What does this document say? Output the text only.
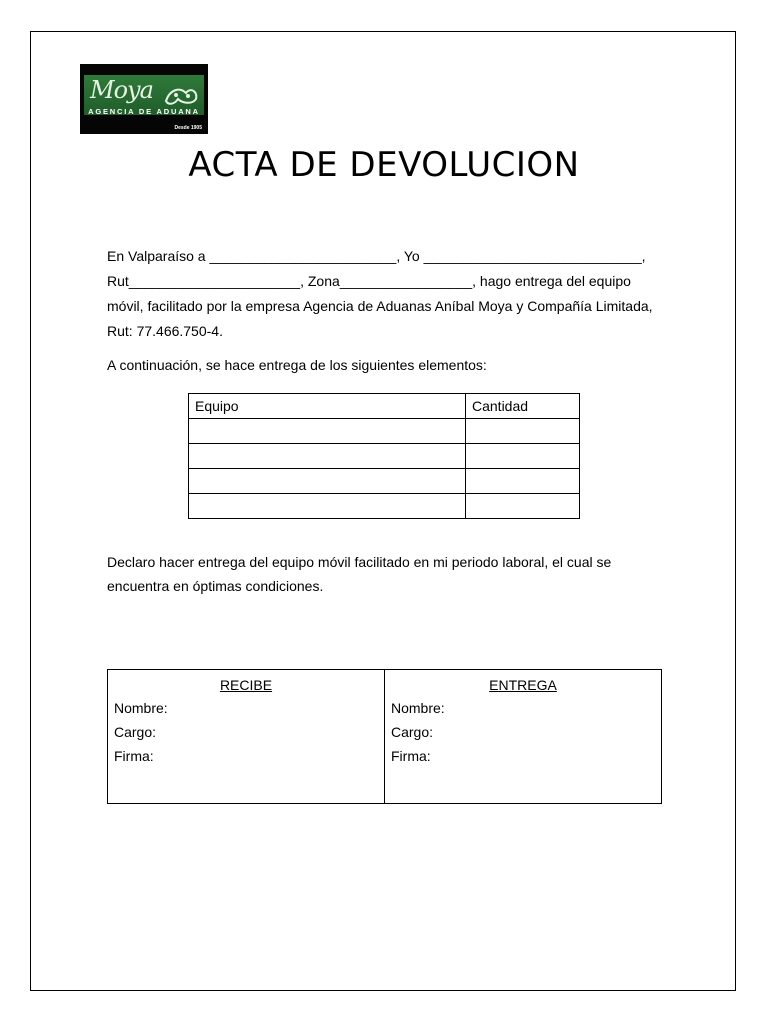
Moya
AGENCIA DE ADUANA
Desde 1905
ACTA DE DEVOLUCION
En Valparaíso a ________________________, Yo ____________________________, Rut______________________, Zona_________________, hago entrega del equipo móvil, facilitado por la empresa Agencia de Aduanas Aníbal Moya y Compañía Limitada, Rut: 77.466.750-4.
A continuación, se hace entrega de los siguientes elementos:
Equipo	Cantidad

Declaro hacer entrega del equipo móvil facilitado en mi periodo laboral, el cual se encuentra en óptimas condiciones.
RECIBE
Nombre:
Cargo:
Firma:

ENTREGA
Nombre:
Cargo:
Firma:
